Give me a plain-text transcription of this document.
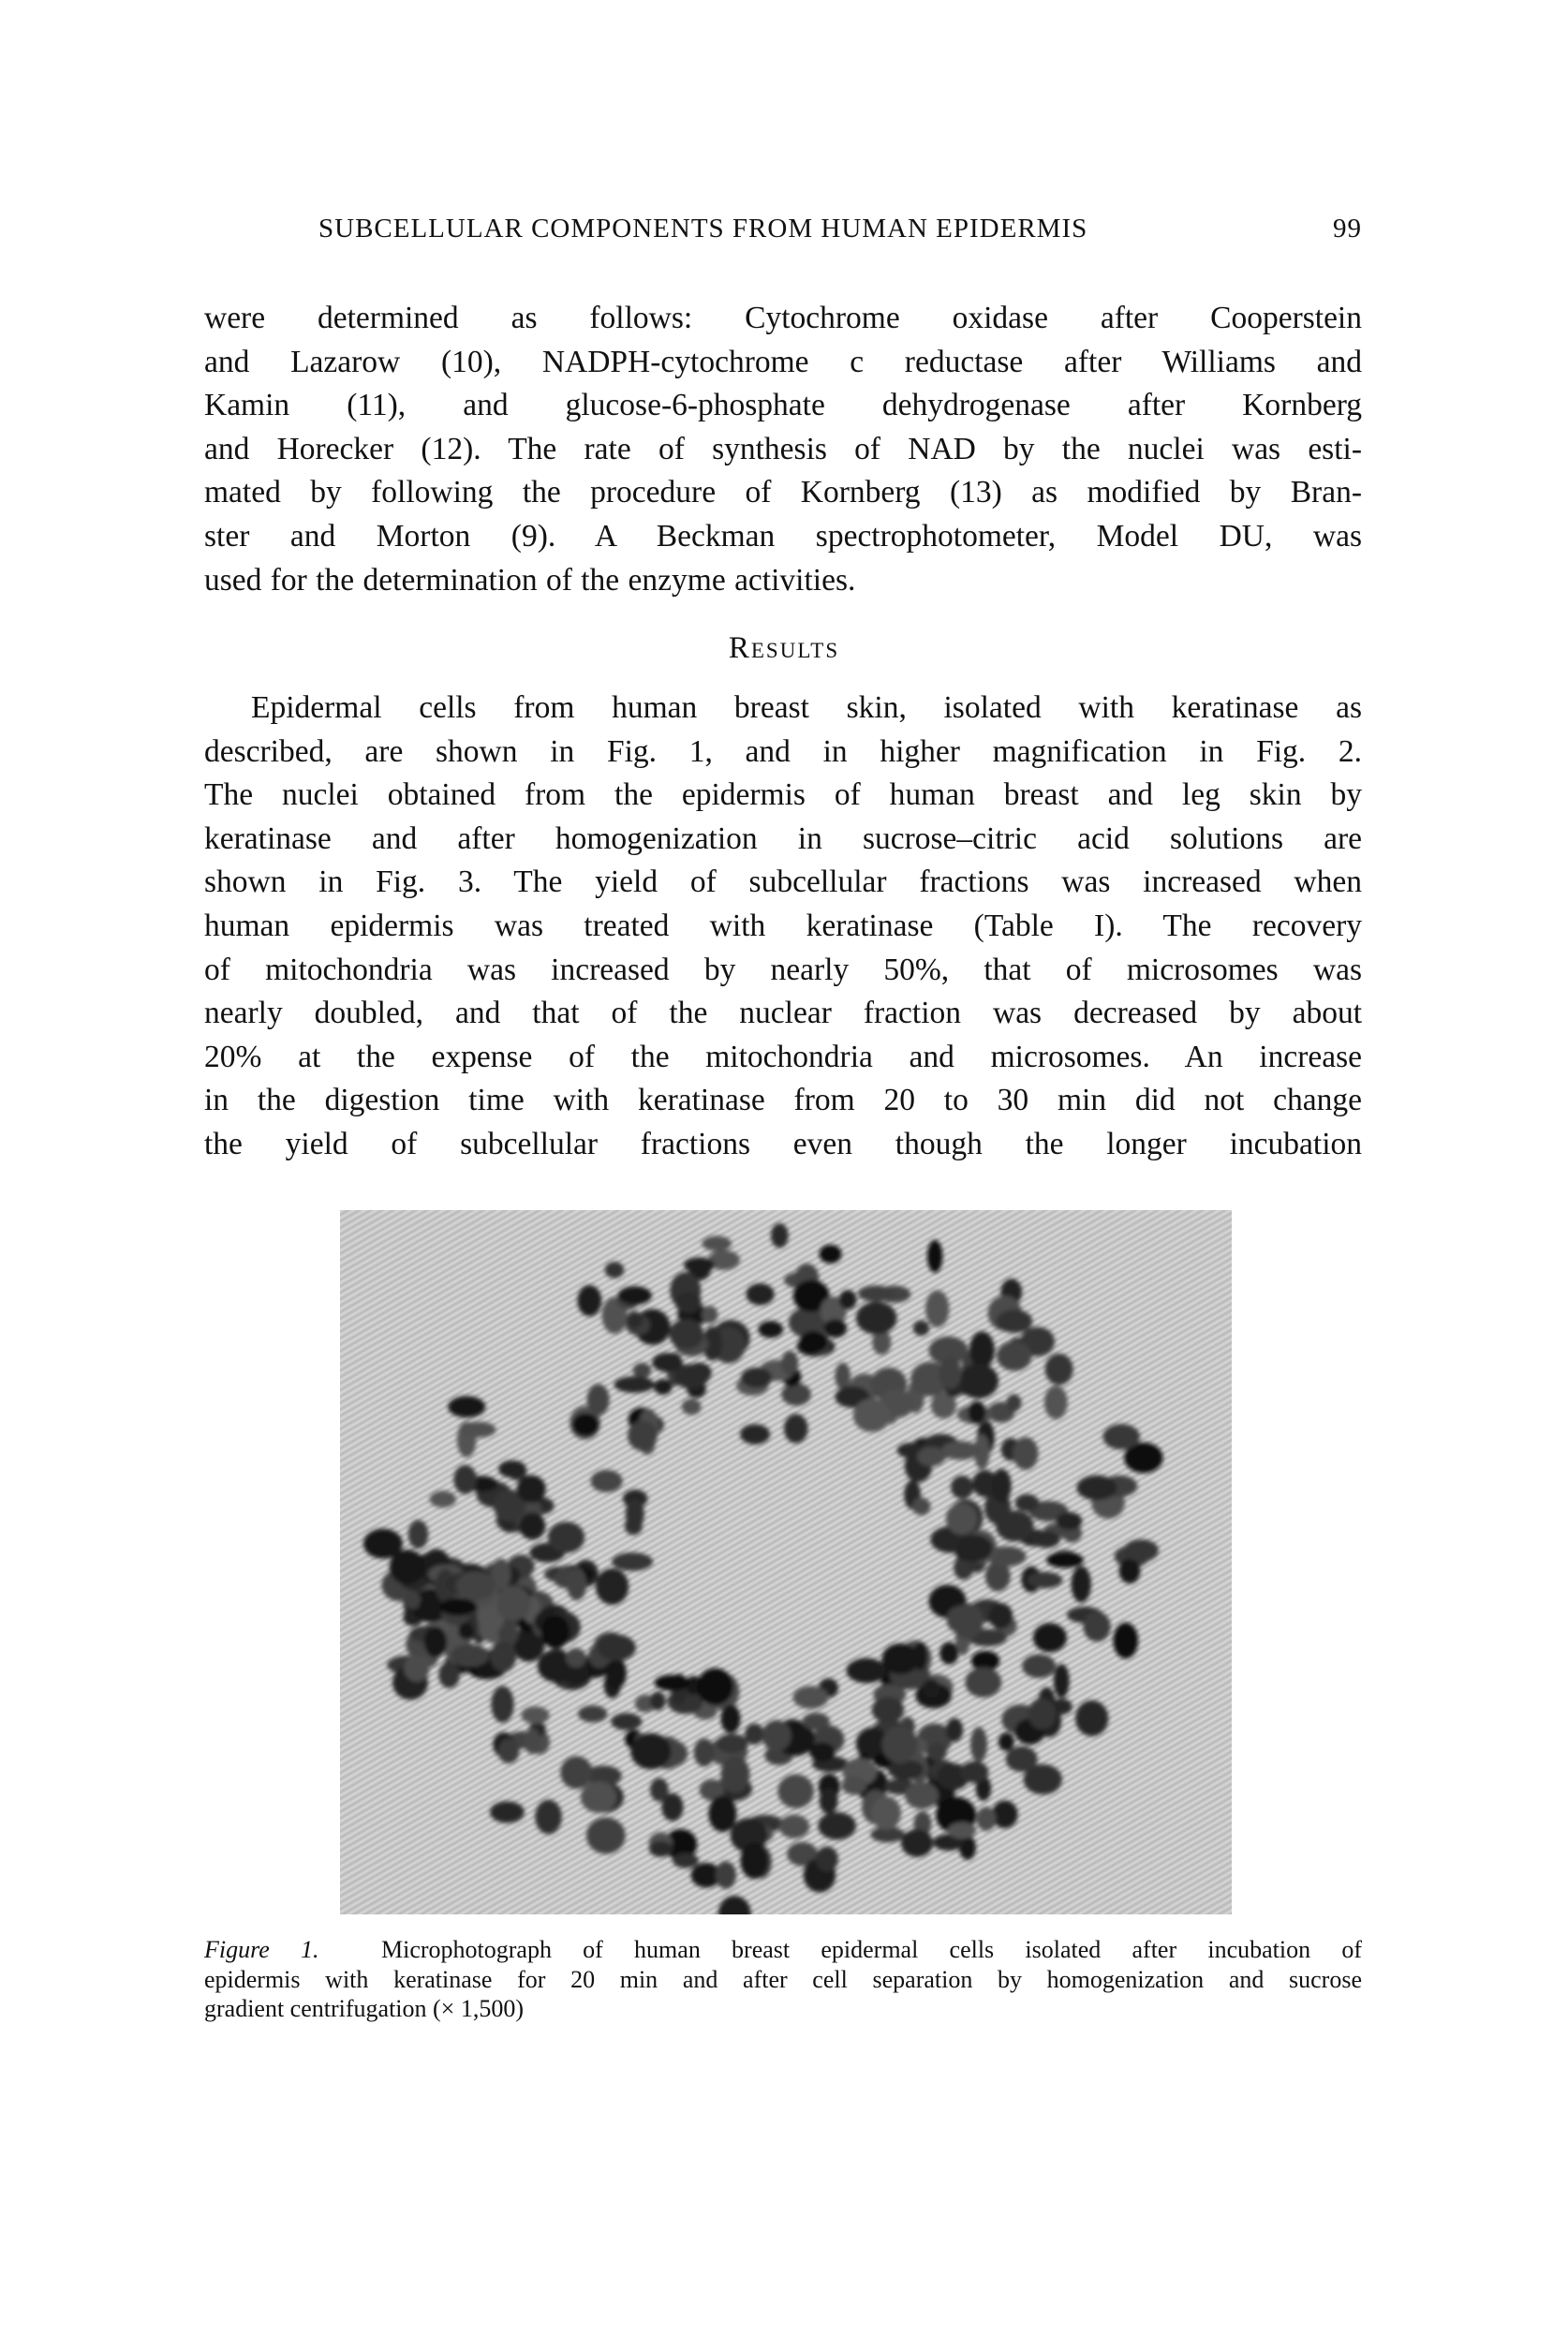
SUBCELLULAR COMPONENTS FROM HUMAN EPIDERMIS	99
were determined as follows: Cytochrome oxidase after Cooperstein
and Lazarow (10), NADPH-cytochrome c reductase after Williams and
Kamin (11), and glucose-6-phosphate dehydrogenase after Kornberg
and Horecker (12). The rate of synthesis of NAD by the nuclei was esti-
mated by following the procedure of Kornberg (13) as modified by Bran-
ster and Morton (9). A Beckman spectrophotometer, Model DU, was
used for the determination of the enzyme activities.
Results
Epidermal cells from human breast skin, isolated with keratinase as
described, are shown in Fig. 1, and in higher magnification in Fig. 2.
The nuclei obtained from the epidermis of human breast and leg skin by
keratinase and after homogenization in sucrose–citric acid solutions are
shown in Fig. 3. The yield of subcellular fractions was increased when
human epidermis was treated with keratinase (Table I). The recovery
of mitochondria was increased by nearly 50%, that of microsomes was
nearly doubled, and that of the nuclear fraction was decreased by about
20% at the expense of the mitochondria and microsomes. An increase
in the digestion time with keratinase from 20 to 30 min did not change
the yield of subcellular fractions even though the longer incubation
Figure 1.	Microphotograph of human breast epidermal cells isolated after incubation of
epidermis with keratinase for 20 min and after cell separation by homogenization and sucrose
gradient centrifugation (× 1,500)
